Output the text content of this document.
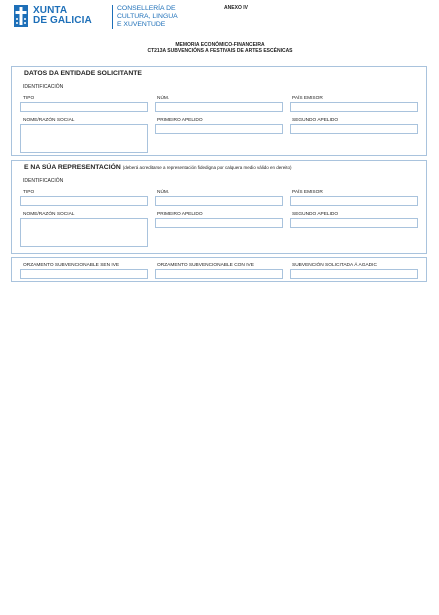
XUNTA
DE GALICIA
CONSELLERÍA DE
CULTURA, LINGUA
E XUVENTUDE
ANEXO IV
MEMORIA ECONÓMICO-FINANCEIRA
CT213A SUBVENCIÓNS A FESTIVAIS DE ARTES ESCÉNICAS
DATOS DA ENTIDADE SOLICITANTE
IDENTIFICACIÓN
TIPO	NÚM.	PAÍS EMISOR
NOME/RAZÓN SOCIAL	PRIMEIRO APELIDO	SEGUNDO APELIDO
E NA SÚA REPRESENTACIÓN (deberá acreditarse a representación fidedigna por calquera medio válido en dereito)
IDENTIFICACIÓN
TIPO	NÚM.	PAÍS EMISOR
NOME/RAZÓN SOCIAL	PRIMEIRO APELIDO	SEGUNDO APELIDO
ORZAMENTO SUBVENCIONABLE SEN IVE	ORZAMENTO SUBVENCIONABLE CON IVE	SUBVENCIÓN SOLICITADA Á AGADIC
